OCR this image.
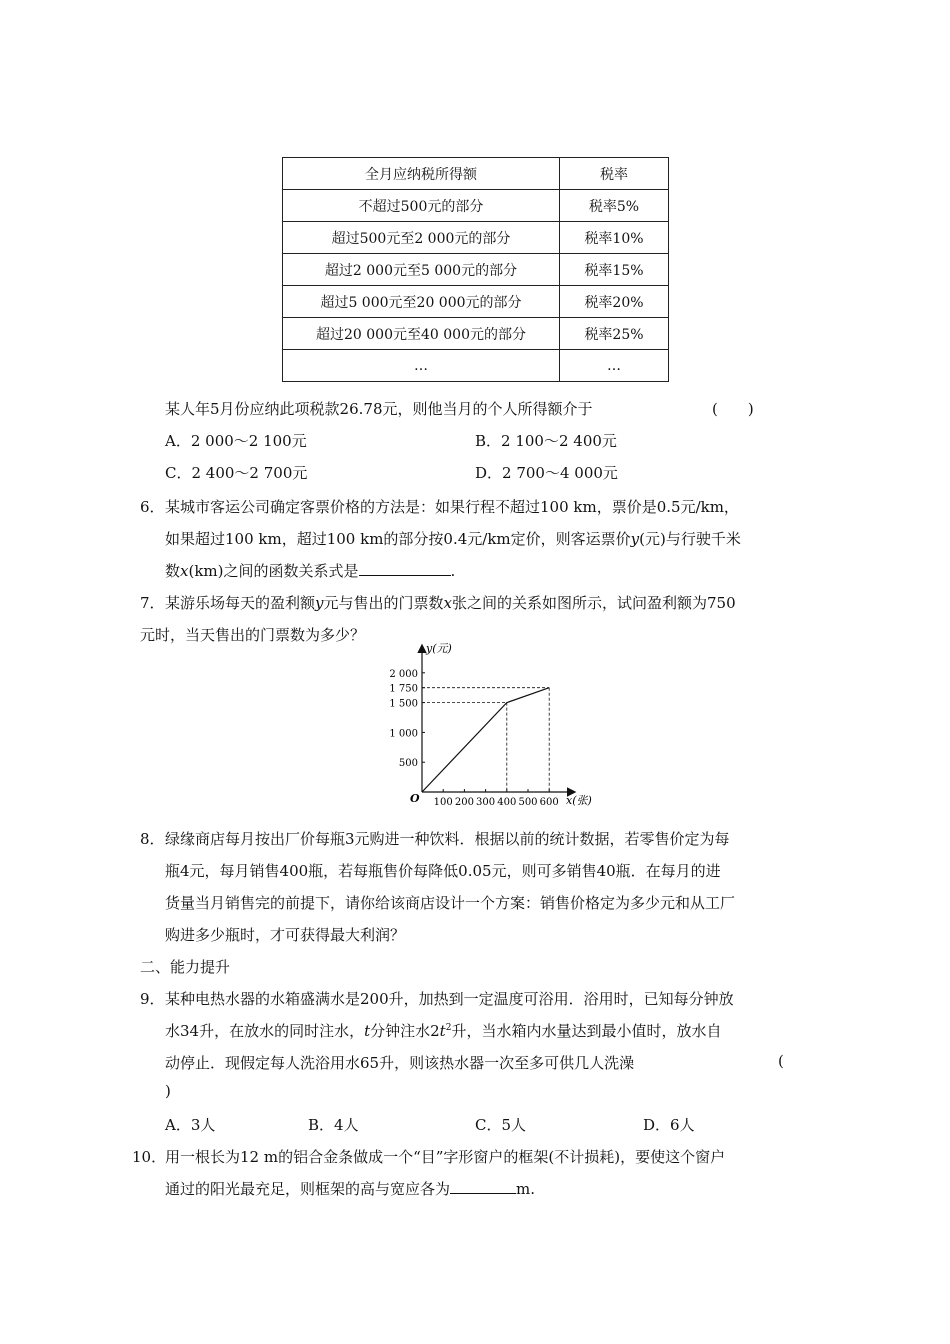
全月应纳税所得额	税率
不超过500元的部分	税率5%
超过500元至2 000元的部分	税率10%
超过2 000元至5 000元的部分	税率15%
超过5 000元至20 000元的部分	税率20%
超过20 000元至40 000元的部分	税率25%
…	…
某人年5月份应纳此项税款26.78元，则他当月的个人所得额介于	(　　)
A．2 000～2 100元	B．2 100～2 400元
C．2 400～2 700元	D．2 700～4 000元
6． 某城市客运公司确定客票价格的方法是：如果行程不超过100 km，票价是0.5元/km，
如果超过100 km，超过100 km的部分按0.4元/km定价，则客运票价y(元)与行驶千米
数x(km)之间的函数关系式是	.
7． 某游乐场每天的盈利额y元与售出的门票数x张之间的关系如图所示，试问盈利额为750
元时，当天售出的门票数为多少？
100 200 300 400 500 600
500
1 000
1 500
1 750
2 000
y(元)
x(张)
O
8． 绿缘商店每月按出厂价每瓶3元购进一种饮料．根据以前的统计数据，若零售价定为每
瓶4元，每月销售400瓶，若每瓶售价每降低0.05元，则可多销售40瓶．在每月的进
货量当月销售完的前提下，请你给该商店设计一个方案：销售价格定为多少元和从工厂
购进多少瓶时，才可获得最大利润？
二、能力提升
9． 某种电热水器的水箱盛满水是200升，加热到一定温度可浴用．浴用时，已知每分钟放
水34升，在放水的同时注水，t分钟注水$2t^2$升，当水箱内水量达到最小值时，放水自
动停止．现假定每人洗浴用水65升，则该热水器一次至多可供几人洗澡	(
)
A．3人	B．4人	C．5人	D．6人
10．
用一根长为12 m的铝合金条做成一个“目”字形窗户的框架(不计损耗)，要使这个窗户
通过的阳光最充足，则框架的高与宽应各为	m.
